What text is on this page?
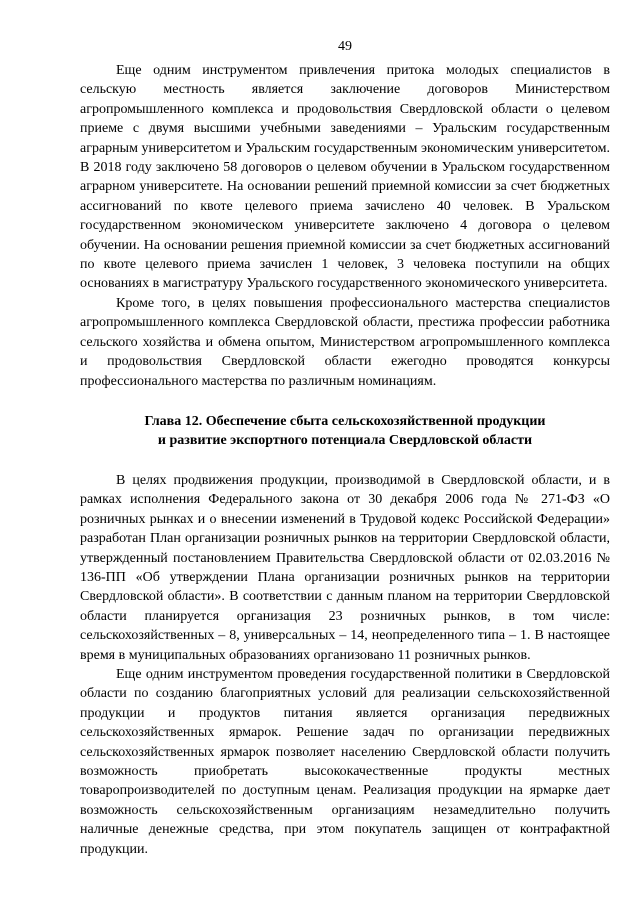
49

Еще одним инструментом привлечения притока молодых специалистов в сельскую местность является заключение договоров Министерством агропромышленного комплекса и продовольствия Свердловской области о целевом приеме с двумя высшими учебными заведениями – Уральским государственным аграрным университетом и Уральским государственным экономическим университетом. В 2018 году заключено 58 договоров о целевом обучении в Уральском государственном аграрном университете. На основании решений приемной комиссии за счет бюджетных ассигнований по квоте целевого приема зачислено 40 человек. В Уральском государственном экономическом университете заключено 4 договора о целевом обучении. На основании решения приемной комиссии за счет бюджетных ассигнований по квоте целевого приема зачислен 1 человек, 3 человека поступили на общих основаниях в магистратуру Уральского государственного экономического университета.

Кроме того, в целях повышения профессионального мастерства специалистов агропромышленного комплекса Свердловской области, престижа профессии работника сельского хозяйства и обмена опытом, Министерством агропромышленного комплекса и продовольствия Свердловской области ежегодно проводятся конкурсы профессионального мастерства по различным номинациям.

Глава 12. Обеспечение сбыта сельскохозяйственной продукции
и развитие экспортного потенциала Свердловской области

В целях продвижения продукции, производимой в Свердловской области, и в рамках исполнения Федерального закона от 30 декабря 2006 года № 271-ФЗ «О розничных рынках и о внесении изменений в Трудовой кодекс Российской Федерации» разработан План организации розничных рынков на территории Свердловской области, утвержденный постановлением Правительства Свердловской области от 02.03.2016 № 136-ПП «Об утверждении Плана организации розничных рынков на территории Свердловской области». В соответствии с данным планом на территории Свердловской области планируется организация 23 розничных рынков, в том числе: сельскохозяйственных – 8, универсальных – 14, неопределенного типа – 1. В настоящее время в муниципальных образованиях организовано 11 розничных рынков.

Еще одним инструментом проведения государственной политики в Свердловской области по созданию благоприятных условий для реализации сельскохозяйственной продукции и продуктов питания является организация передвижных сельскохозяйственных ярмарок. Решение задач по организации передвижных сельскохозяйственных ярмарок позволяет населению Свердловской области получить возможность приобретать высококачественные продукты местных товаропроизводителей по доступным ценам. Реализация продукции на ярмарке дает возможность сельскохозяйственным организациям незамедлительно получить наличные денежные средства, при этом покупатель защищен от контрафактной продукции.
